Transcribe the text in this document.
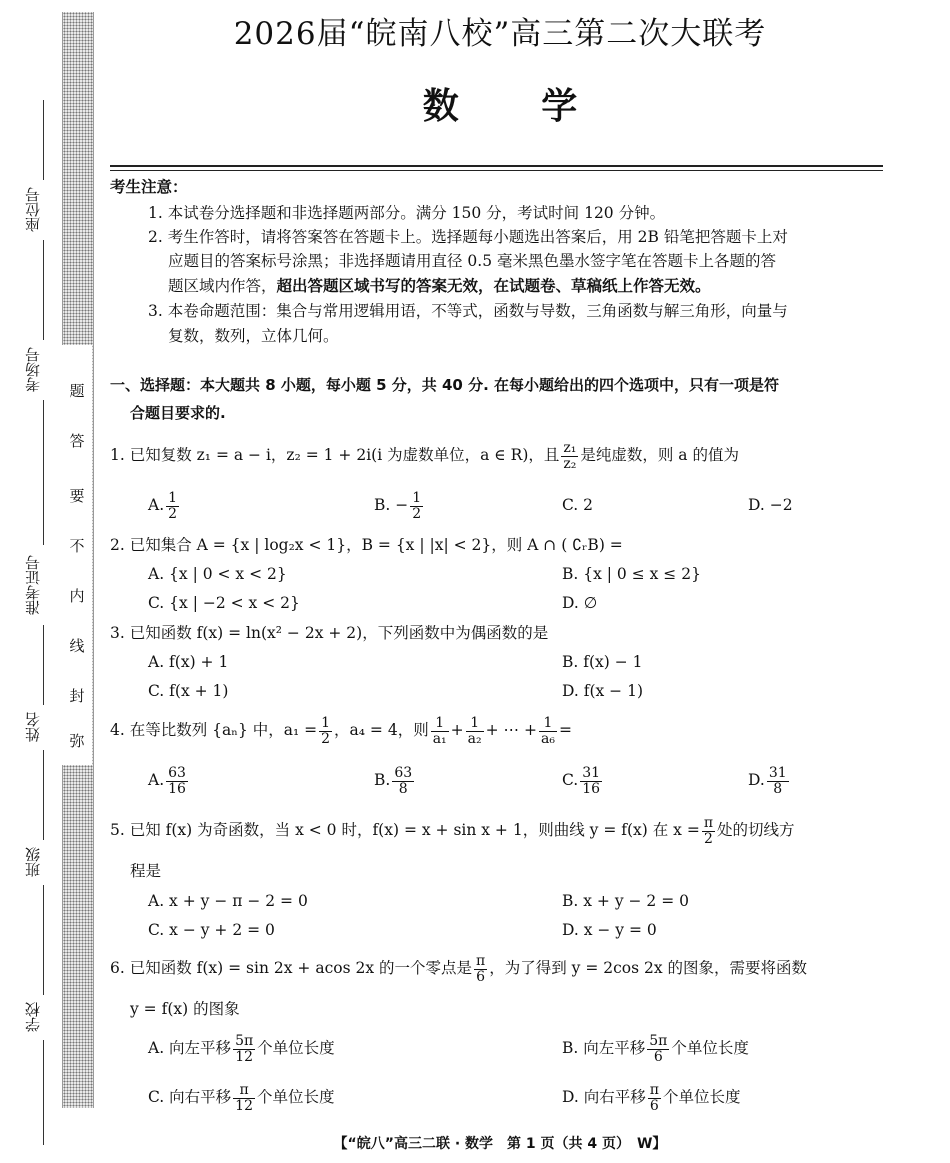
座位号
考场号
准考证号
姓名
班级
学校
题
答
要
不
内
线
封
弥
2026届“皖南八校”高三第二次大联考
数 学
考生注意：
1. 本试卷分选择题和非选择题两部分。满分 150 分，考试时间 120 分钟。
2. 考生作答时，请将答案答在答题卡上。选择题每小题选出答案后，用 2B 铅笔把答题卡上对
应题目的答案标号涂黑；非选择题请用直径 0.5 毫米黑色墨水签字笔在答题卡上各题的答
题区域内作答，超出答题区域书写的答案无效，在试题卷、草稿纸上作答无效。
3. 本卷命题范围：集合与常用逻辑用语，不等式，函数与导数，三角函数与解三角形，向量与
复数，数列，立体几何。
一、选择题：本大题共 8 小题，每小题 5 分，共 40 分. 在每小题给出的四个选项中，只有一项是符
合题目要求的.
1. 已知复数 z₁ = a − i，z₂ = 1 + 2i(i 为虚数单位，a ∈ R)，且 $\frac{\text{z₁}}{\text{z₂}}$ 是纯虚数，则 a 的值为
A. $\frac{1}{2}$	B. − $\frac{1}{2}$	C. 2	D. −2
2. 已知集合 A = {x | log₂x < 1}，B = {x | |x| < 2}，则 A ∩ ( ∁ᵣB) =
A. {x | 0 < x < 2}	B. {x | 0 ≤ x ≤ 2}
C. {x | −2 < x < 2}	D. ∅
3. 已知函数 f(x) = ln(x² − 2x + 2)，下列函数中为偶函数的是
A. f(x) + 1	B. f(x) − 1
C. f(x + 1)	D. f(x − 1)
4. 在等比数列 {aₙ} 中，$a_1 = \frac{1}{2}$ ，a₄ = 4，则 $\frac{1}{\text{a₁}} + \frac{1}{\text{a₂}}$ + ⋯ + $\frac{1}{\text{a₆}}$ =
A. $\frac{63}{16}$	B. $\frac{63}{8}$	C. $\frac{31}{16}$	D. $\frac{31}{8}$
5. 已知 f(x) 为奇函数，当 x < 0 时，f(x) = x + sin x + 1，则曲线 y = f(x) 在 $x = \frac{\pi}{2}$ 处的切线方
程是
A. x + y − π − 2 = 0	B. x + y − 2 = 0
C. x − y + 2 = 0	D. x − y = 0
6. 已知函数 f(x) = sin 2x + acos 2x 的一个零点是 $\frac{\pi}{6}$ ，为了得到 y = 2cos 2x 的图象，需要将函数
y = f(x) 的图象
A. 向左平移 $\frac{5\pi}{12}$ 个单位长度	B. 向左平移 $\frac{5\pi}{6}$ 个单位长度
C. 向右平移 $\frac{\pi}{12}$ 个单位长度	D. 向右平移 $\frac{\pi}{6}$ 个单位长度
【“皖八”高三二联 · 数学　第 1 页（共 4 页）　W】
